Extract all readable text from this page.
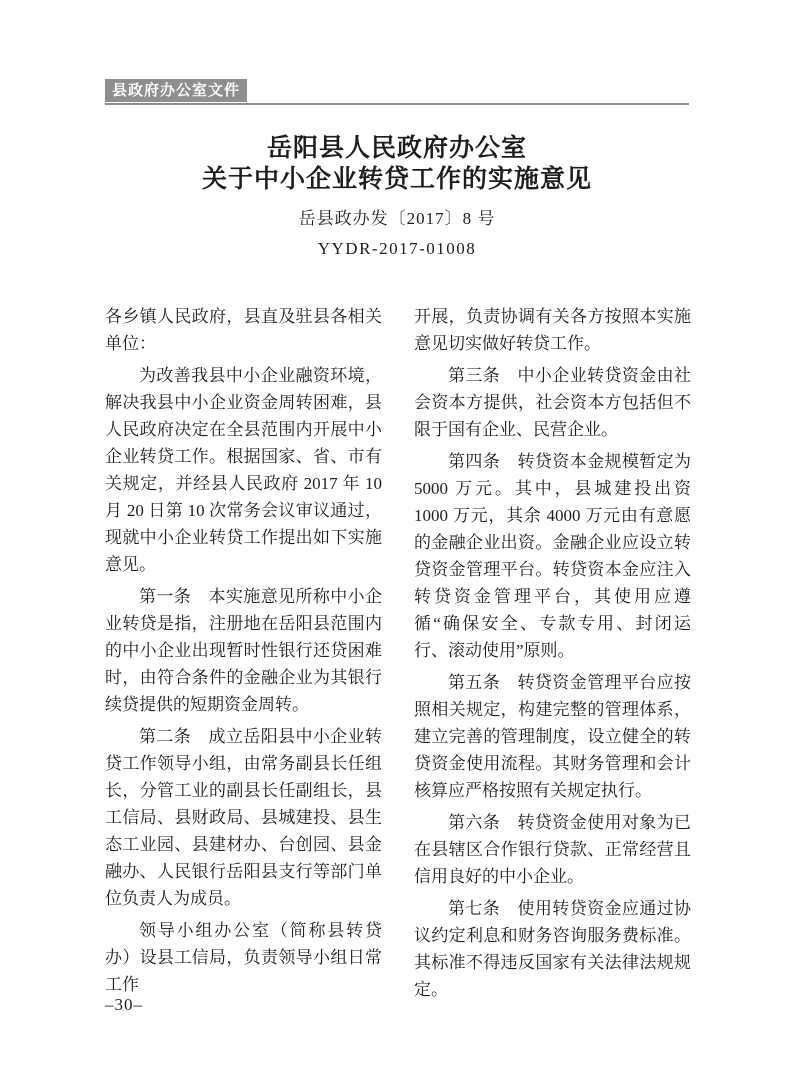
县政府办公室文件
岳阳县人民政府办公室
关于中小企业转贷工作的实施意见
岳县政办发〔2017〕8 号
YYDR-2017-01008

各乡镇人民政府，县直及驻县各相关单位：

为改善我县中小企业融资环境，解决我县中小企业资金周转困难，县人民政府决定在全县范围内开展中小企业转贷工作。根据国家、省、市有关规定，并经县人民政府 2017 年 10 月 20 日第 10 次常务会议审议通过，现就中小企业转贷工作提出如下实施意见。

第一条　本实施意见所称中小企业转贷是指，注册地在岳阳县范围内的中小企业出现暂时性银行还贷困难时，由符合条件的金融企业为其银行续贷提供的短期资金周转。

第二条　成立岳阳县中小企业转贷工作领导小组，由常务副县长任组长，分管工业的副县长任副组长，县工信局、县财政局、县城建投、县生态工业园、县建材办、台创园、县金融办、人民银行岳阳县支行等部门单位负责人为成员。

领导小组办公室（简称县转贷办）设县工信局，负责领导小组日常工作

开展，负责协调有关各方按照本实施意见切实做好转贷工作。

第三条　中小企业转贷资金由社会资本方提供，社会资本方包括但不限于国有企业、民营企业。

第四条　转贷资本金规模暂定为 5000 万元。其中，县城建投出资 1000 万元，其余 4000 万元由有意愿的金融企业出资。金融企业应设立转贷资金管理平台。转贷资本金应注入转贷资金管理平台，其使用应遵循“确保安全、专款专用、封闭运行、滚动使用”原则。

第五条　转贷资金管理平台应按照相关规定，构建完整的管理体系，建立完善的管理制度，设立健全的转贷资金使用流程。其财务管理和会计核算应严格按照有关规定执行。

第六条　转贷资金使用对象为已在县辖区合作银行贷款、正常经营且信用良好的中小企业。

第七条　使用转贷资金应通过协议约定利息和财务咨询服务费标准。其标准不得违反国家有关法律法规规定。

–30–
